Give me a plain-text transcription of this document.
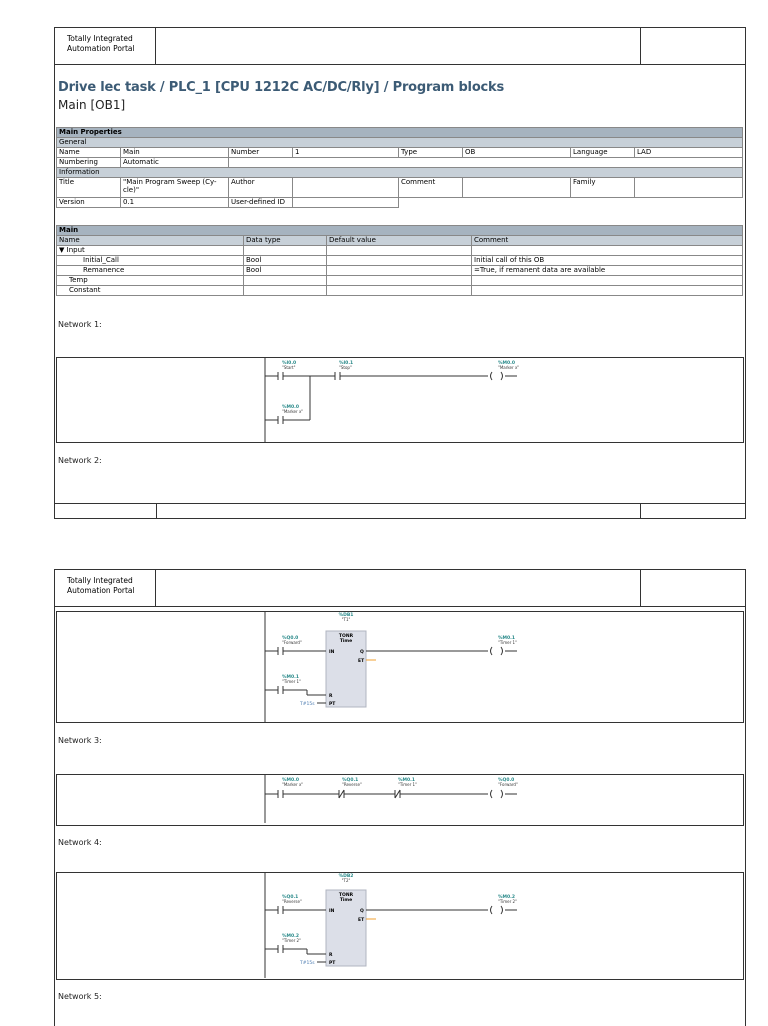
Totally Integrated
Automation Portal
Drive lec task / PLC_1 [CPU 1212C AC/DC/Rly] / Program blocks
Main [OB1]
Main Properties							
General							
Name	Main	Number	1	Type	OB	Language	LAD
Numbering	Automatic						
Information							
Title	"Main Program Sweep (Cy-
cle)"	Author		Comment		Family	
Version	0.1	User-defined ID					
Main			
Name	Data type	Default value	Comment
▼ Input			
Initial_Call	Bool		Initial call of this OB
Remanence	Bool		=True, if remanent data are available
Temp			
Constant			
Network 1:
%I0.0
"Start"
%I0.1
"Stop"
%M0.0
"Marker x"
%M0.0
"Marker x"
Network 2:
Totally Integrated
Automation Portal
%DB1
"T1"
TONR
Time
IN	Q
ET
R
PT
T#15s
%Q0.0
"Forward"
%M0.1
"Timer 1"
%M0.1
"Timer 1"
Network 3:
%M0.0
"Marker x"
%Q0.1
"Reverse"
%M0.1
"Timer 1"
%Q0.0
"Forward"
Network 4:
%DB2
"T2"
TONR
Time
IN	Q
ET
R
PT
T#15s
%Q0.1
"Reverse"
%M0.2
"Timer 2"
%M0.2
"Timer 2"
Network 5:
